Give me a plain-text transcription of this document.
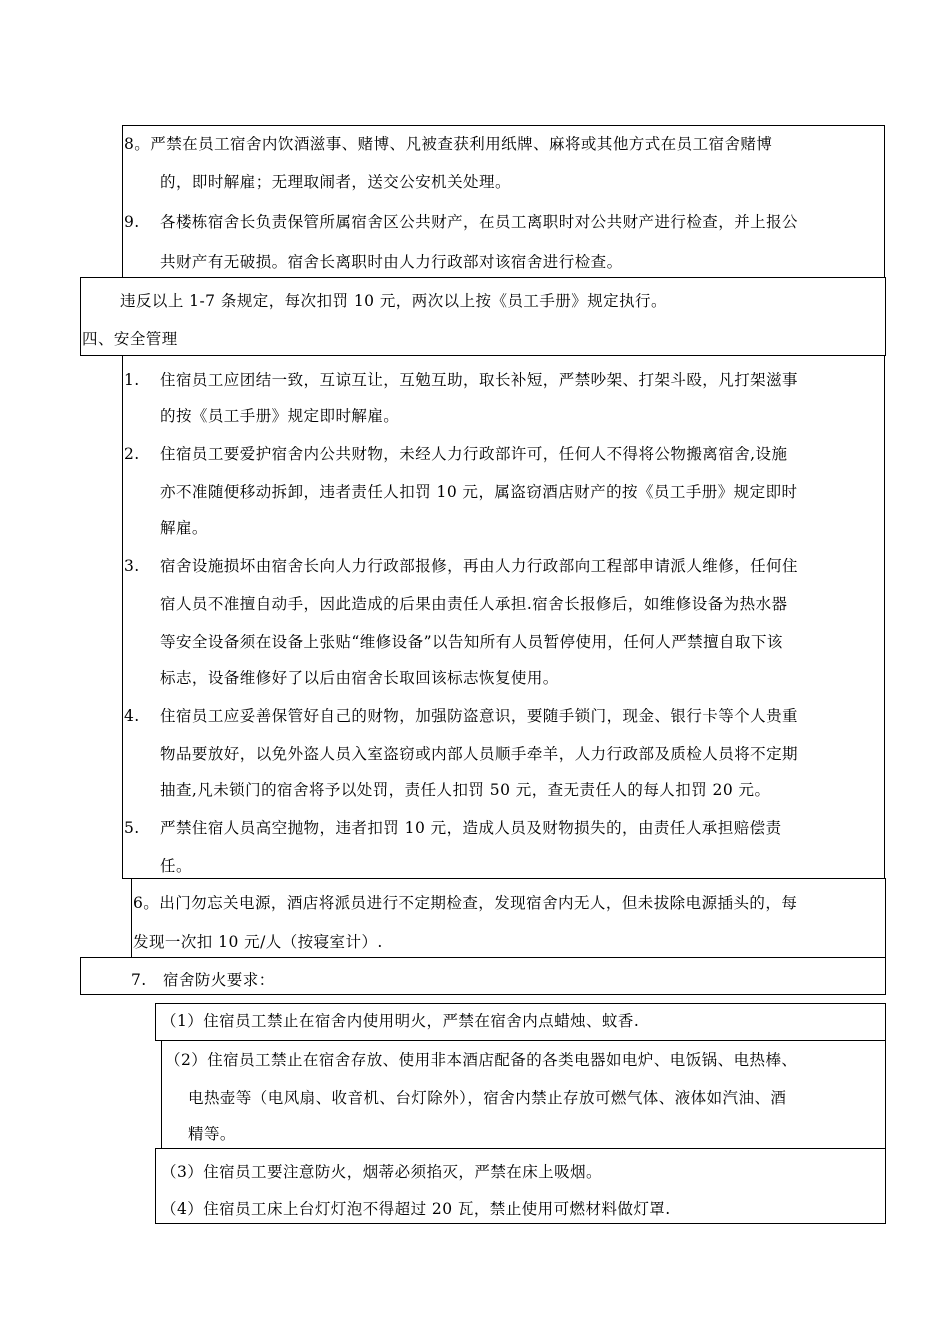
8。严禁在员工宿舍内饮酒滋事、赌博、凡被查获利用纸牌、麻将或其他方式在员工宿舍赌博
的，即时解雇；无理取闹者，送交公安机关处理。
9. 各楼栋宿舍长负责保管所属宿舍区公共财产，在员工离职时对公共财产进行检查，并上报公
共财产有无破损。宿舍长离职时由人力行政部对该宿舍进行检查。
违反以上 1-7 条规定，每次扣罚 10 元，两次以上按《员工手册》规定执行。
四、安全管理
1. 住宿员工应团结一致，互谅互让，互勉互助，取长补短，严禁吵架、打架斗殴，凡打架滋事
的按《员工手册》规定即时解雇。
2. 住宿员工要爱护宿舍内公共财物，未经人力行政部许可，任何人不得将公物搬离宿舍,设施
亦不准随便移动拆卸，违者责任人扣罚 10 元，属盗窃酒店财产的按《员工手册》规定即时
解雇。
3. 宿舍设施损坏由宿舍长向人力行政部报修，再由人力行政部向工程部申请派人维修，任何住
宿人员不准擅自动手，因此造成的后果由责任人承担.宿舍长报修后，如维修设备为热水器
等安全设备须在设备上张贴“维修设备”以告知所有人员暂停使用，任何人严禁擅自取下该
标志，设备维修好了以后由宿舍长取回该标志恢复使用。
4. 住宿员工应妥善保管好自己的财物，加强防盗意识，要随手锁门，现金、银行卡等个人贵重
物品要放好，以免外盗人员入室盗窃或内部人员顺手牵羊，人力行政部及质检人员将不定期
抽查,凡未锁门的宿舍将予以处罚，责任人扣罚 50 元，查无责任人的每人扣罚 20 元。
5. 严禁住宿人员高空抛物，违者扣罚 10 元，造成人员及财物损失的，由责任人承担赔偿责
任。
6。出门勿忘关电源，酒店将派员进行不定期检查，发现宿舍内无人，但未拔除电源插头的，每
发现一次扣 10 元/人（按寝室计）.
7. 宿舍防火要求：
（1）住宿员工禁止在宿舍内使用明火，严禁在宿舍内点蜡烛、蚊香.
（2）住宿员工禁止在宿舍存放、使用非本酒店配备的各类电器如电炉、电饭锅、电热棒、
电热壶等（电风扇、收音机、台灯除外），宿舍内禁止存放可燃气体、液体如汽油、酒
精等。
（3）住宿员工要注意防火，烟蒂必须掐灭，严禁在床上吸烟。
（4）住宿员工床上台灯灯泡不得超过 20 瓦，禁止使用可燃材料做灯罩.
